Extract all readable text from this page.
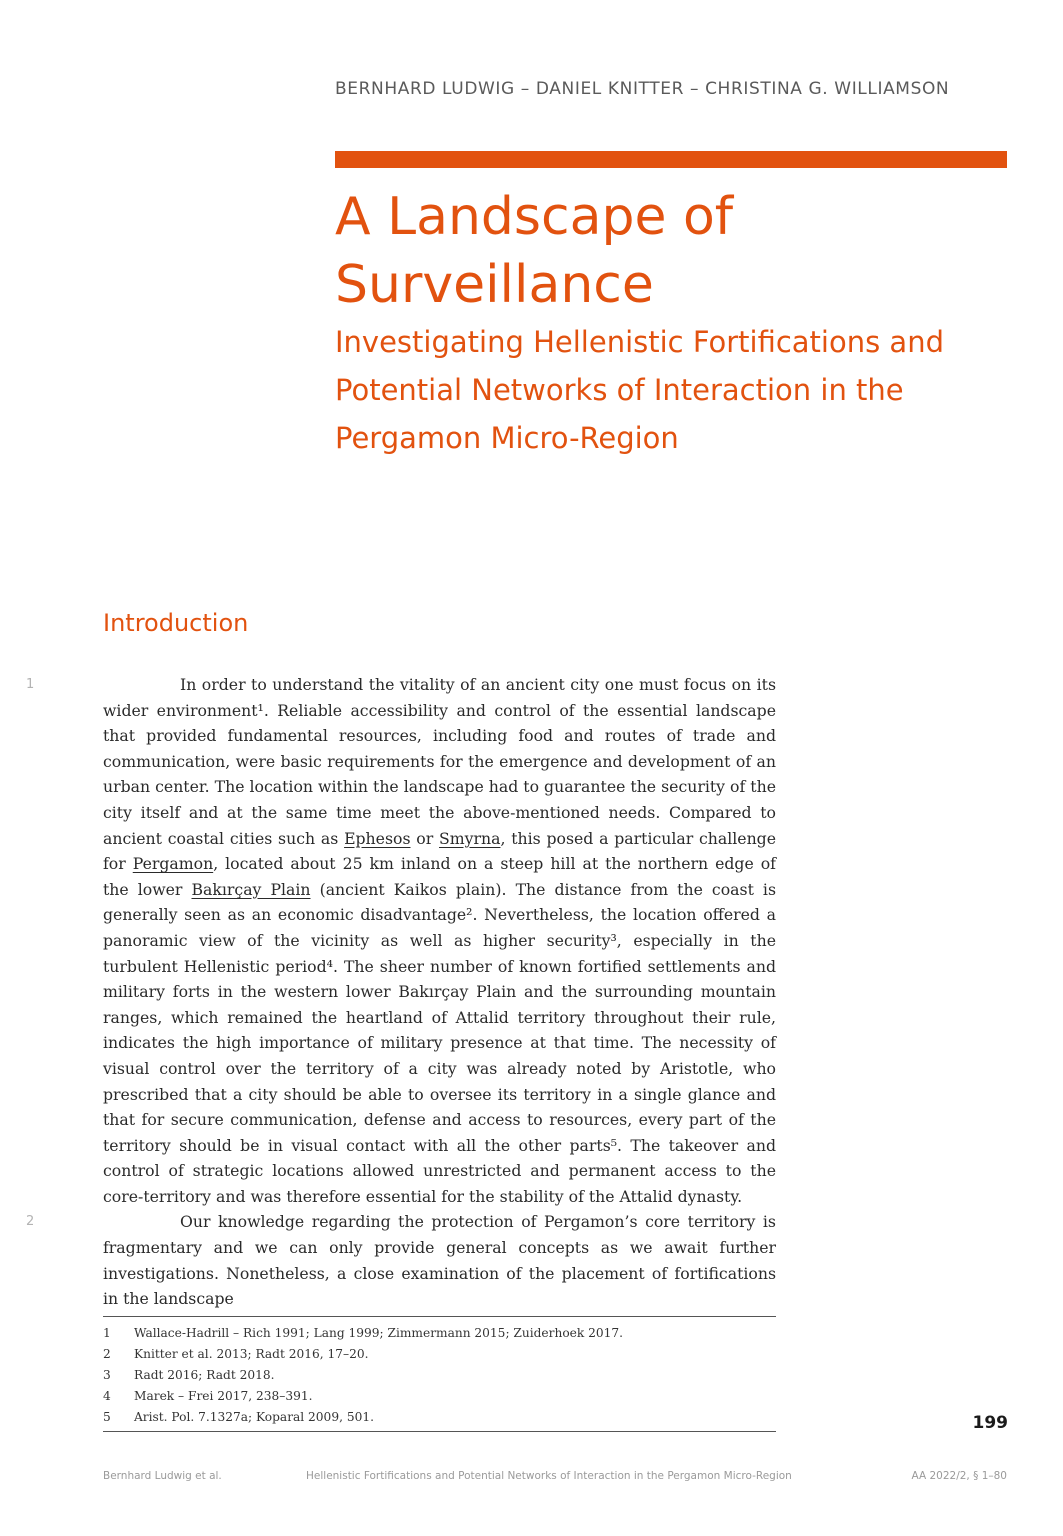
BERNHARD LUDWIG – DANIEL KNITTER – CHRISTINA G. WILLIAMSON
A Landscape of
Surveillance
Investigating Hellenistic Fortifications and
Potential Networks of Interaction in the
Pergamon Micro-Region
Introduction

1	In order to understand the vitality of an ancient city one must focus on its wider environment¹. Reliable accessibility and control of the essential landscape that provided fundamental resources, including food and routes of trade and communication, were basic requirements for the emergence and development of an urban center. The location within the landscape had to guarantee the security of the city itself and at the same time meet the above-mentioned needs. Compared to ancient coastal cities such as Ephesos or Smyrna, this posed a particular challenge for Pergamon, located about 25 km inland on a steep hill at the northern edge of the lower Bakırçay Plain (ancient Kaikos plain). The distance from the coast is generally seen as an economic disadvantage². Nevertheless, the location offered a panoramic view of the vicinity as well as higher security³, especially in the turbulent Hellenistic period⁴. The sheer number of known fortified settlements and military forts in the western lower Bakırçay Plain and the surrounding mountain ranges, which remained the heartland of Attalid territory throughout their rule, indicates the high importance of military presence at that time. The necessity of visual control over the territory of a city was already noted by Aristotle, who prescribed that a city should be able to oversee its territory in a single glance and that for secure communication, defense and access to resources, every part of the territory should be in visual contact with all the other parts⁵. The takeover and control of strategic locations allowed unrestricted and permanent access to the core-territory and was therefore essential for the stability of the Attalid dynasty.

2	Our knowledge regarding the protection of Pergamon’s core territory is fragmentary and we can only provide general concepts as we await further investigations. Nonetheless, a close examination of the placement of fortifications in the landscape

1	Wallace-Hadrill – Rich 1991; Lang 1999; Zimmermann 2015; Zuiderhoek 2017.
2	Knitter et al. 2013; Radt 2016, 17–20.
3	Radt 2016; Radt 2018.
4	Marek – Frei 2017, 238–391.
5	Arist. Pol. 7.1327a; Koparal 2009, 501.	199
Bernhard Ludwig et al.	Hellenistic Fortifications and Potential Networks of Interaction in the Pergamon Micro-Region	AA 2022/2, § 1–80
